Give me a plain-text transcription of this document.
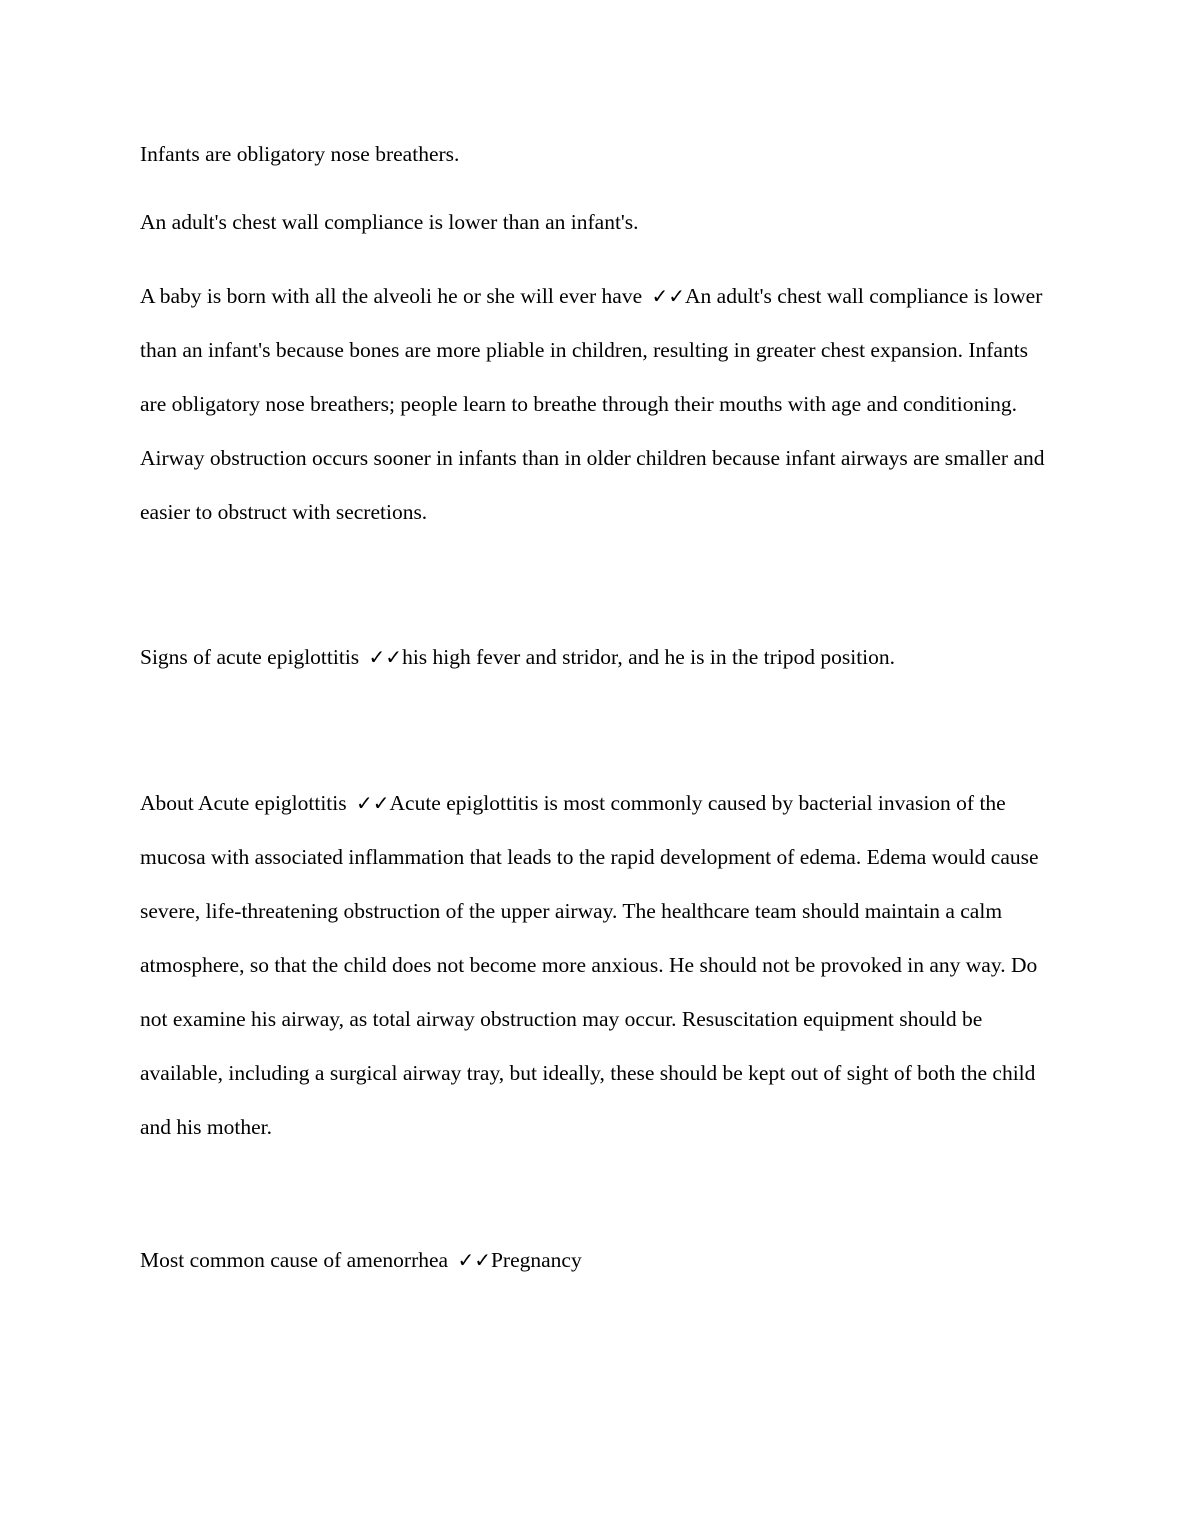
Infants are obligatory nose breathers.

An adult's chest wall compliance is lower than an infant's.

A baby is born with all the alveoli he or she will ever have ✓✓An adult's chest wall compliance is lower than an infant's because bones are more pliable in children, resulting in greater chest expansion. Infants are obligatory nose breathers; people learn to breathe through their mouths with age and conditioning. Airway obstruction occurs sooner in infants than in older children because infant airways are smaller and easier to obstruct with secretions.

Signs of acute epiglottitis ✓✓his high fever and stridor, and he is in the tripod position.

About Acute epiglottitis ✓✓Acute epiglottitis is most commonly caused by bacterial invasion of the mucosa with associated inflammation that leads to the rapid development of edema. Edema would cause severe, life-threatening obstruction of the upper airway. The healthcare team should maintain a calm atmosphere, so that the child does not become more anxious. He should not be provoked in any way. Do not examine his airway, as total airway obstruction may occur. Resuscitation equipment should be available, including a surgical airway tray, but ideally, these should be kept out of sight of both the child and his mother.

Most common cause of amenorrhea ✓✓Pregnancy
